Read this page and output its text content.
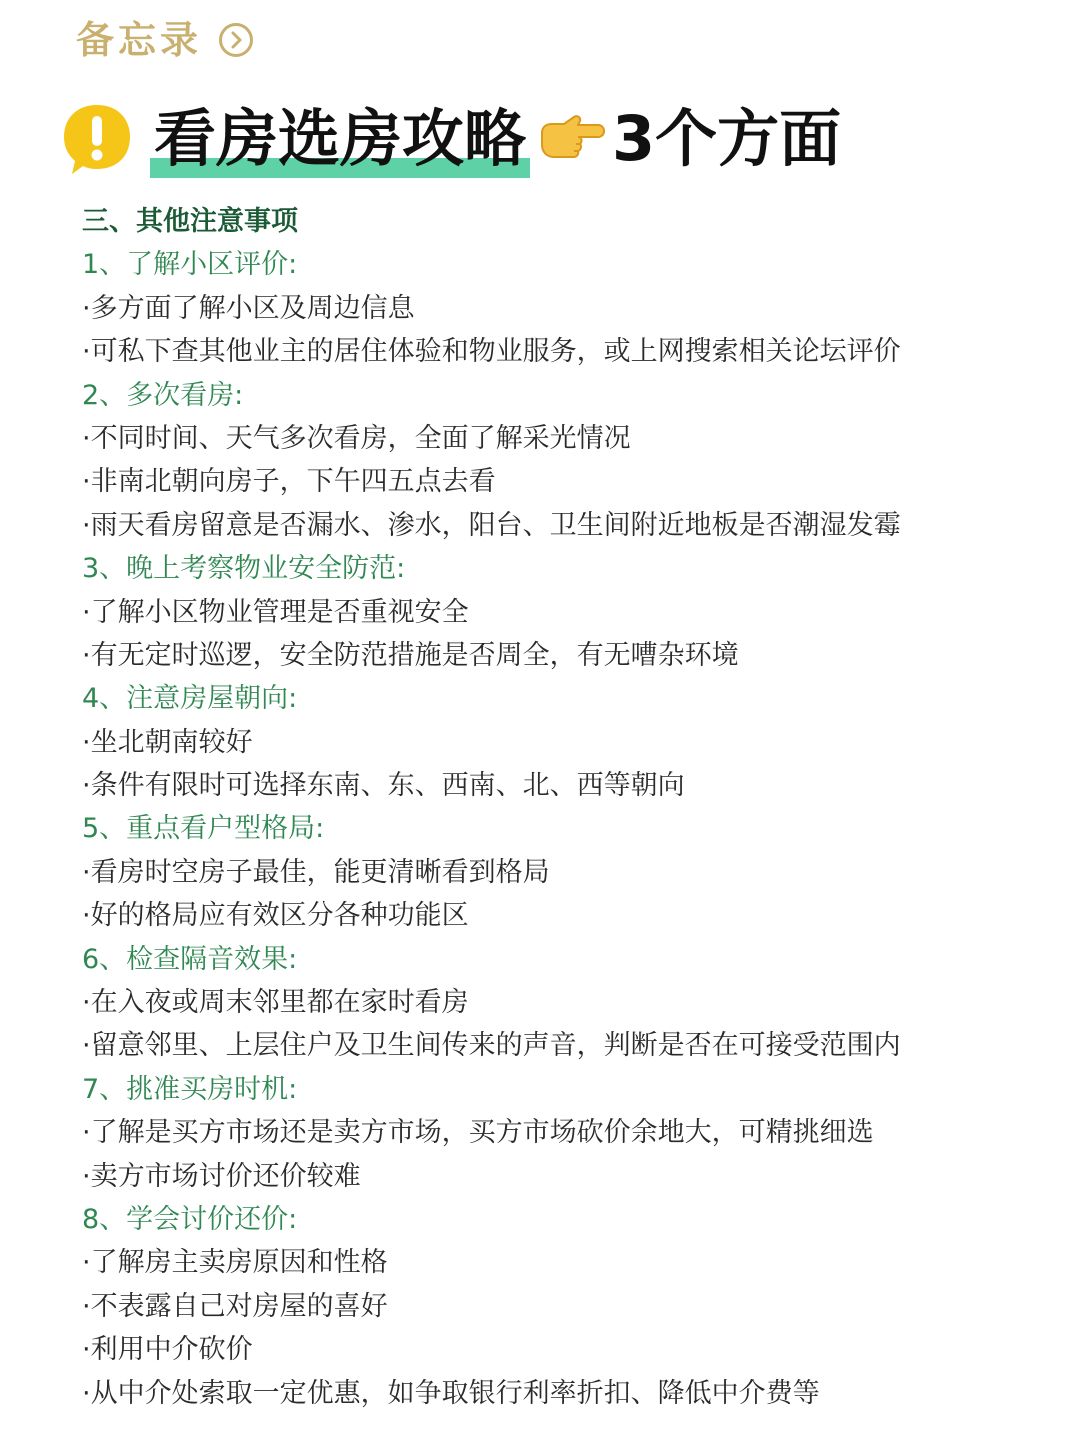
备忘录
看房选房攻略 3个方面
三、其他注意事项
1、了解小区评价:
·多方面了解小区及周边信息
·可私下查其他业主的居住体验和物业服务，或上网搜索相关论坛评价
2、多次看房:
·不同时间、天气多次看房，全面了解采光情况
·非南北朝向房子，下午四五点去看
·雨天看房留意是否漏水、渗水，阳台、卫生间附近地板是否潮湿发霉
3、晚上考察物业安全防范:
·了解小区物业管理是否重视安全
·有无定时巡逻，安全防范措施是否周全，有无嘈杂环境
4、注意房屋朝向:
·坐北朝南较好
·条件有限时可选择东南、东、西南、北、西等朝向
5、重点看户型格局:
·看房时空房子最佳，能更清晰看到格局
·好的格局应有效区分各种功能区
6、检查隔音效果:
·在入夜或周末邻里都在家时看房
·留意邻里、上层住户及卫生间传来的声音，判断是否在可接受范围内
7、挑准买房时机:
·了解是买方市场还是卖方市场，买方市场砍价余地大，可精挑细选
·卖方市场讨价还价较难
8、学会讨价还价:
·了解房主卖房原因和性格
·不表露自己对房屋的喜好
·利用中介砍价
·从中介处索取一定优惠，如争取银行利率折扣、降低中介费等
